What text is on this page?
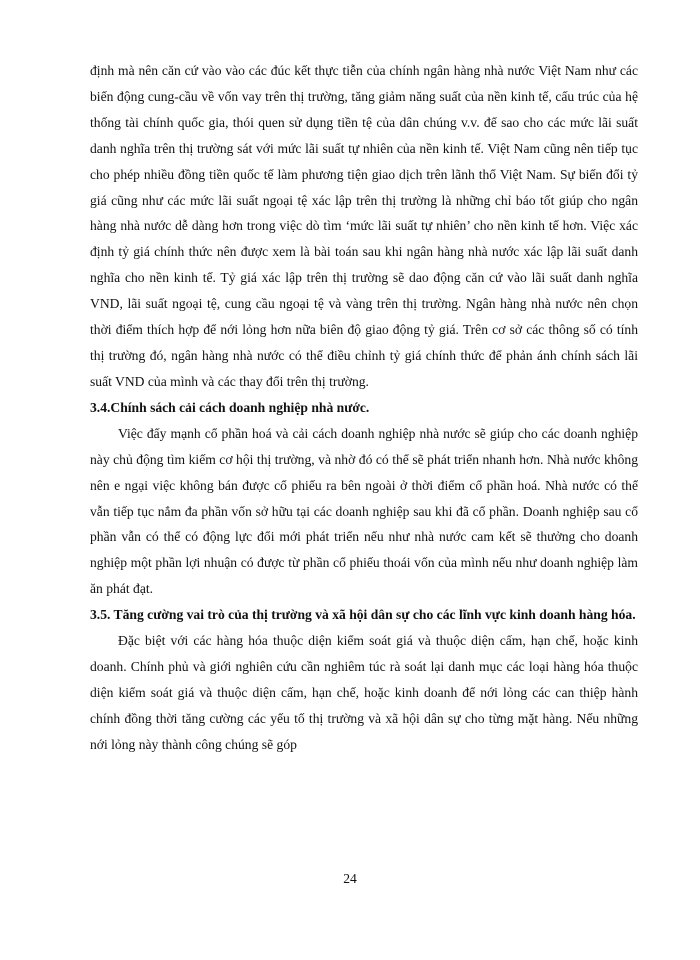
định mà nên căn cứ vào vào các đúc kết thực tiễn của chính ngân hàng nhà nước Việt Nam như các biến động cung-cầu về vốn vay trên thị trường, tăng giảm năng suất của nền kinh tế, cấu trúc của hệ thống tài chính quốc gia, thói quen sử dụng tiền tệ của dân chúng v.v. để sao cho các mức lãi suất danh nghĩa trên thị trường sát với mức lãi suất tự nhiên của nền kinh tế. Việt Nam cũng nên tiếp tục cho phép nhiều đồng tiền quốc tế làm phương tiện giao dịch trên lãnh thổ Việt Nam. Sự biến đổi tỷ giá cũng như các mức lãi suất ngoại tệ xác lập trên thị trường là những chỉ báo tốt giúp cho ngân hàng nhà nước dễ dàng hơn trong việc dò tìm ‘mức lãi suất tự nhiên’ cho nền kinh tế hơn. Việc xác định tỷ giá chính thức nên được xem là bài toán sau khi ngân hàng nhà nước xác lập lãi suất danh nghĩa cho nền kinh tế. Tỷ giá xác lập trên thị trường sẽ dao động căn cứ vào lãi suất danh nghĩa VND, lãi suất ngoại tệ, cung cầu ngoại tệ và vàng trên thị trường. Ngân hàng nhà nước nên chọn thời điểm thích hợp để nới lỏng hơn nữa biên độ giao động tỷ giá. Trên cơ sở các thông số có tính thị trường đó, ngân hàng nhà nước có thể điều chỉnh tỷ giá chính thức để phản ánh chính sách lãi suất VND của mình và các thay đổi trên thị trường.

3.4.Chính sách cải cách doanh nghiệp nhà nước.

Việc đẩy mạnh cổ phần hoá và cải cách doanh nghiệp nhà nước sẽ giúp cho các doanh nghiệp này chủ động tìm kiếm cơ hội thị trường, và nhờ đó có thể sẽ phát triển nhanh hơn. Nhà nước không nên e ngại việc không bán được cổ phiếu ra bên ngoài ở thời điểm cổ phần hoá. Nhà nước có thể vẫn tiếp tục nắm đa phần vốn sở hữu tại các doanh nghiệp sau khi đã cổ phần. Doanh nghiệp sau cổ phần vẫn có thể có động lực đổi mới phát triển nếu như nhà nước cam kết sẽ thưởng cho doanh nghiệp một phần lợi nhuận có được từ phần cổ phiếu thoái vốn của mình nếu như doanh nghiệp làm ăn phát đạt.

3.5. Tăng cường vai trò của thị trường và xã hội dân sự cho các lĩnh vực kinh doanh hàng hóa.

Đặc biệt với các hàng hóa thuộc diện kiểm soát giá và thuộc diện cấm, hạn chế, hoặc kinh doanh. Chính phủ và giới nghiên cứu cần nghiêm túc rà soát lại danh mục các loại hàng hóa thuộc diện kiểm soát giá và thuộc diện cấm, hạn chế, hoặc kinh doanh để nới lỏng các can thiệp hành chính đồng thời tăng cường các yếu tố thị trường và xã hội dân sự cho từng mặt hàng. Nếu những nới lỏng này thành công chúng sẽ góp

24
